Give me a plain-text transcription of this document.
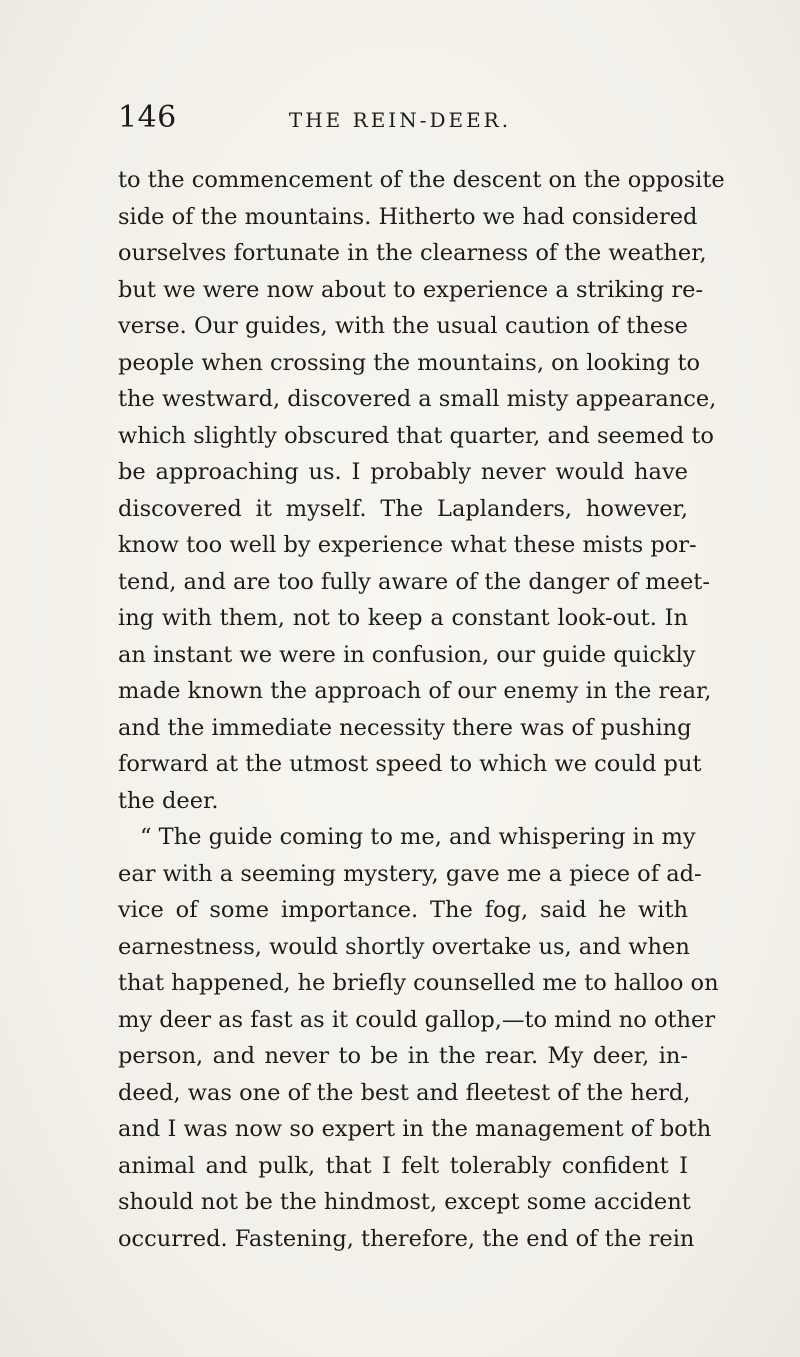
146	THE REIN-DEER.
to the commencement of the descent on the opposite
side of the mountains. Hitherto we had considered
ourselves fortunate in the clearness of the weather,
but we were now about to experience a striking re-
verse. Our guides, with the usual caution of these
people when crossing the mountains, on looking to
the westward, discovered a small misty appearance,
which slightly obscured that quarter, and seemed to
be approaching us. I probably never would have
discovered it myself. The Laplanders, however,
know too well by experience what these mists por-
tend, and are too fully aware of the danger of meet-
ing with them, not to keep a constant look-out. In
an instant we were in confusion, our guide quickly
made known the approach of our enemy in the rear,
and the immediate necessity there was of pushing
forward at the utmost speed to which we could put
the deer.
“ The guide coming to me, and whispering in my
ear with a seeming mystery, gave me a piece of ad-
vice of some importance. The fog, said he with
earnestness, would shortly overtake us, and when
that happened, he briefly counselled me to halloo on
my deer as fast as it could gallop,—to mind no other
person, and never to be in the rear. My deer, in-
deed, was one of the best and fleetest of the herd,
and I was now so expert in the management of both
animal and pulk, that I felt tolerably confident I
should not be the hindmost, except some accident
occurred. Fastening, therefore, the end of the rein
